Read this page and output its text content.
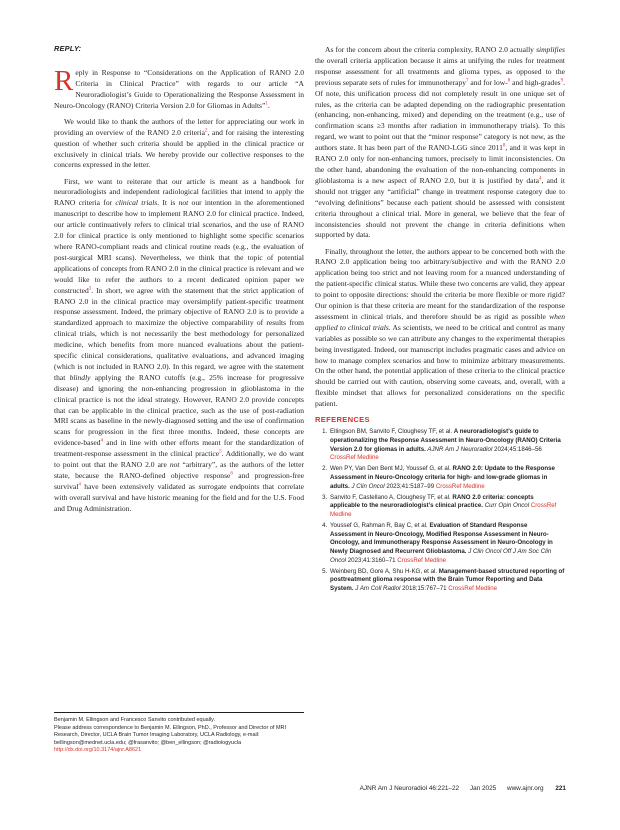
REPLY:

Reply in Response to “Considerations on the Application of RANO 2.0 Criteria in Clinical Practice” with regards to our article “A Neuroradiologist’s Guide to Operationalizing the Response Assessment in Neuro-Oncology (RANO) Criteria Version 2.0 for Gliomas in Adults”$^1$.

We would like to thank the authors of the letter for appreciating our work in providing an overview of the RANO 2.0 criteria$^2$, and for raising the interesting question of whether such criteria should be applied in the clinical practice or exclusively in clinical trials. We hereby provide our collective responses to the concerns expressed in the letter.

First, we want to reiterate that our article is meant as a handbook for neuroradiologists and independent radiological facilities that intend to apply the RANO criteria for clinical trials. It is not our intention in the aforementioned manuscript to describe how to implement RANO 2.0 for clinical practice. Indeed, our article continuatively refers to clinical trial scenarios, and the use of RANO 2.0 for clinical practice is only mentioned to highlight some specific scenarios where RANO-compliant reads and clinical routine reads (e.g., the evaluation of post-surgical MRI scans). Nevertheless, we think that the topic of potential applications of concepts from RANO 2.0 in the clinical practice is relevant and we would like to refer the authors to a recent dedicated opinion paper we constructed$^3$. In short, we agree with the statement that the strict application of RANO 2.0 in the clinical practice may oversimplify patient-specific treatment response assessment. Indeed, the primary objective of RANO 2.0 is to provide a standardized approach to maximize the objective comparability of results from clinical trials, which is not necessarily the best methodology for personalized medicine, which benefits from more nuanced evaluations about the patient-specific clinical considerations, qualitative evaluations, and advanced imaging (which is not included in RANO 2.0). In this regard, we agree with the statement that blindly applying the RANO cutoffs (e.g., 25% increase for progressive disease) and ignoring the non-enhancing progression in glioblastoma in the clinical practice is not the ideal strategy. However, RANO 2.0 provide concepts that can be applicable in the clinical practice, such as the use of post-radiation MRI scans as baseline in the newly-diagnosed setting and the use of confirmation scans for progression in the first three months. Indeed, these concepts are evidence-based$^4$ and in line with other efforts meant for the standardization of treatment-response assessment in the clinical practice$^5$. Additionally, we do want to point out that the RANO 2.0 are not “arbitrary”, as the authors of the letter state, because the RANO-defined objective response$^6$ and progression-free survival$^4$ have been extensively validated as surrogate endpoints that correlate with overall survival and have historic meaning for the field and for the U.S. Food and Drug Administration.

As for the concern about the criteria complexity, RANO 2.0 actually simplifies the overall criteria application because it aims at unifying the rules for treatment response assessment for all treatments and glioma types, as opposed to the previous separate sets of rules for immunotherapy$^7$ and for low-$^8$ and high-grades$^9$. Of note, this unification process did not completely result in one unique set of rules, as the criteria can be adapted depending on the radiographic presentation (enhancing, non-enhancing, mixed) and depending on the treatment (e.g., use of confirmation scans ≥3 months after radiation in immunotherapy trials). To this regard, we want to point out that the “minor response” category is not new, as the authors state. It has been part of the RANO-LGG since 2011$^8$, and it was kept in RANO 2.0 only for non-enhancing tumors, precisely to limit inconsistencies. On the other hand, abandoning the evaluation of the non-enhancing components in glioblastoma is a new aspect of RANO 2.0, but it is justified by data$^4$, and it should not trigger any “artificial” change in treatment response category due to “evolving definitions” because each patient should be assessed with consistent criteria throughout a clinical trial. More in general, we believe that the fear of inconsistencies should not prevent the change in criteria definitions when supported by data.

Finally, throughout the letter, the authors appear to be concerned both with the RANO 2.0 application being too arbitrary/subjective and with the RANO 2.0 application being too strict and not leaving room for a nuanced understanding of the patient-specific clinical status. While these two concerns are valid, they appear to point to opposite directions: should the criteria be more flexible or more rigid? Our opinion is that these criteria are meant for the standardization of the response assessment in clinical trials, and therefore should be as rigid as possible when applied to clinical trials. As scientists, we need to be critical and control as many variables as possible so we can attribute any changes to the experimental therapies being investigated. Indeed, our manuscript includes pragmatic cases and advice on how to manage complex scenarios and how to minimize arbitrary measurements. On the other hand, the potential application of these criteria to the clinical practice should be carried out with caution, observing some caveats, and, overall, with a flexible mindset that allows for personalized considerations on the specific patient.

REFERENCES
1. Ellingson BM, Sanvito F, Cloughesy TF, et al. A neuroradiologist’s guide to operationalizing the Response Assessment in Neuro-Oncology (RANO) Criteria Version 2.0 for gliomas in adults. AJNR Am J Neuroradiol 2024;45:1846–56 CrossRef Medline
2. Wen PY, Van Den Bent MJ, Youssef G, et al. RANO 2.0: Update to the Response Assessment in Neuro-Oncology criteria for high- and low-grade gliomas in adults. J Clin Oncol 2023;41:5187–99 CrossRef Medline
3. Sanvito F, Castellano A, Cloughesy TF, et al. RANO 2.0 criteria: concepts applicable to the neuroradiologist’s clinical practice. Curr Opin Oncol CrossRef Medline
4. Youssef G, Rahman R, Bay C, et al. Evaluation of Standard Response Assessment in Neuro-Oncology, Modified Response Assessment in Neuro-Oncology, and Immunotherapy Response Assessment in Neuro-Oncology in Newly Diagnosed and Recurrent Glioblastoma. J Clin Oncol Off J Am Soc Clin Oncol 2023;41:3160–71 CrossRef Medline
5. Weinberg BD, Gore A, Shu H-KG, et al. Management-based structured reporting of posttreatment glioma response with the Brain Tumor Reporting and Data System. J Am Coll Radiol 2018;15:767–71 CrossRef Medline
Benjamin M. Ellingson and Francesco Sanvito contributed equally.
Please address correspondence to Benjamin M. Ellingson, PhD., Professor and Director of MRI Research, Director, UCLA Brain Tumor Imaging Laboratory, UCLA Radiology, e-mail: bellingson@mednet.ucla.edu; @frasanvito; @ben_ellingson; @radiologyucla
http://dx.doi.org/10.3174/ajnr.A8621
AJNR Am J Neuroradiol 46:221–22 Jan 2025 www.ajnr.org 221
